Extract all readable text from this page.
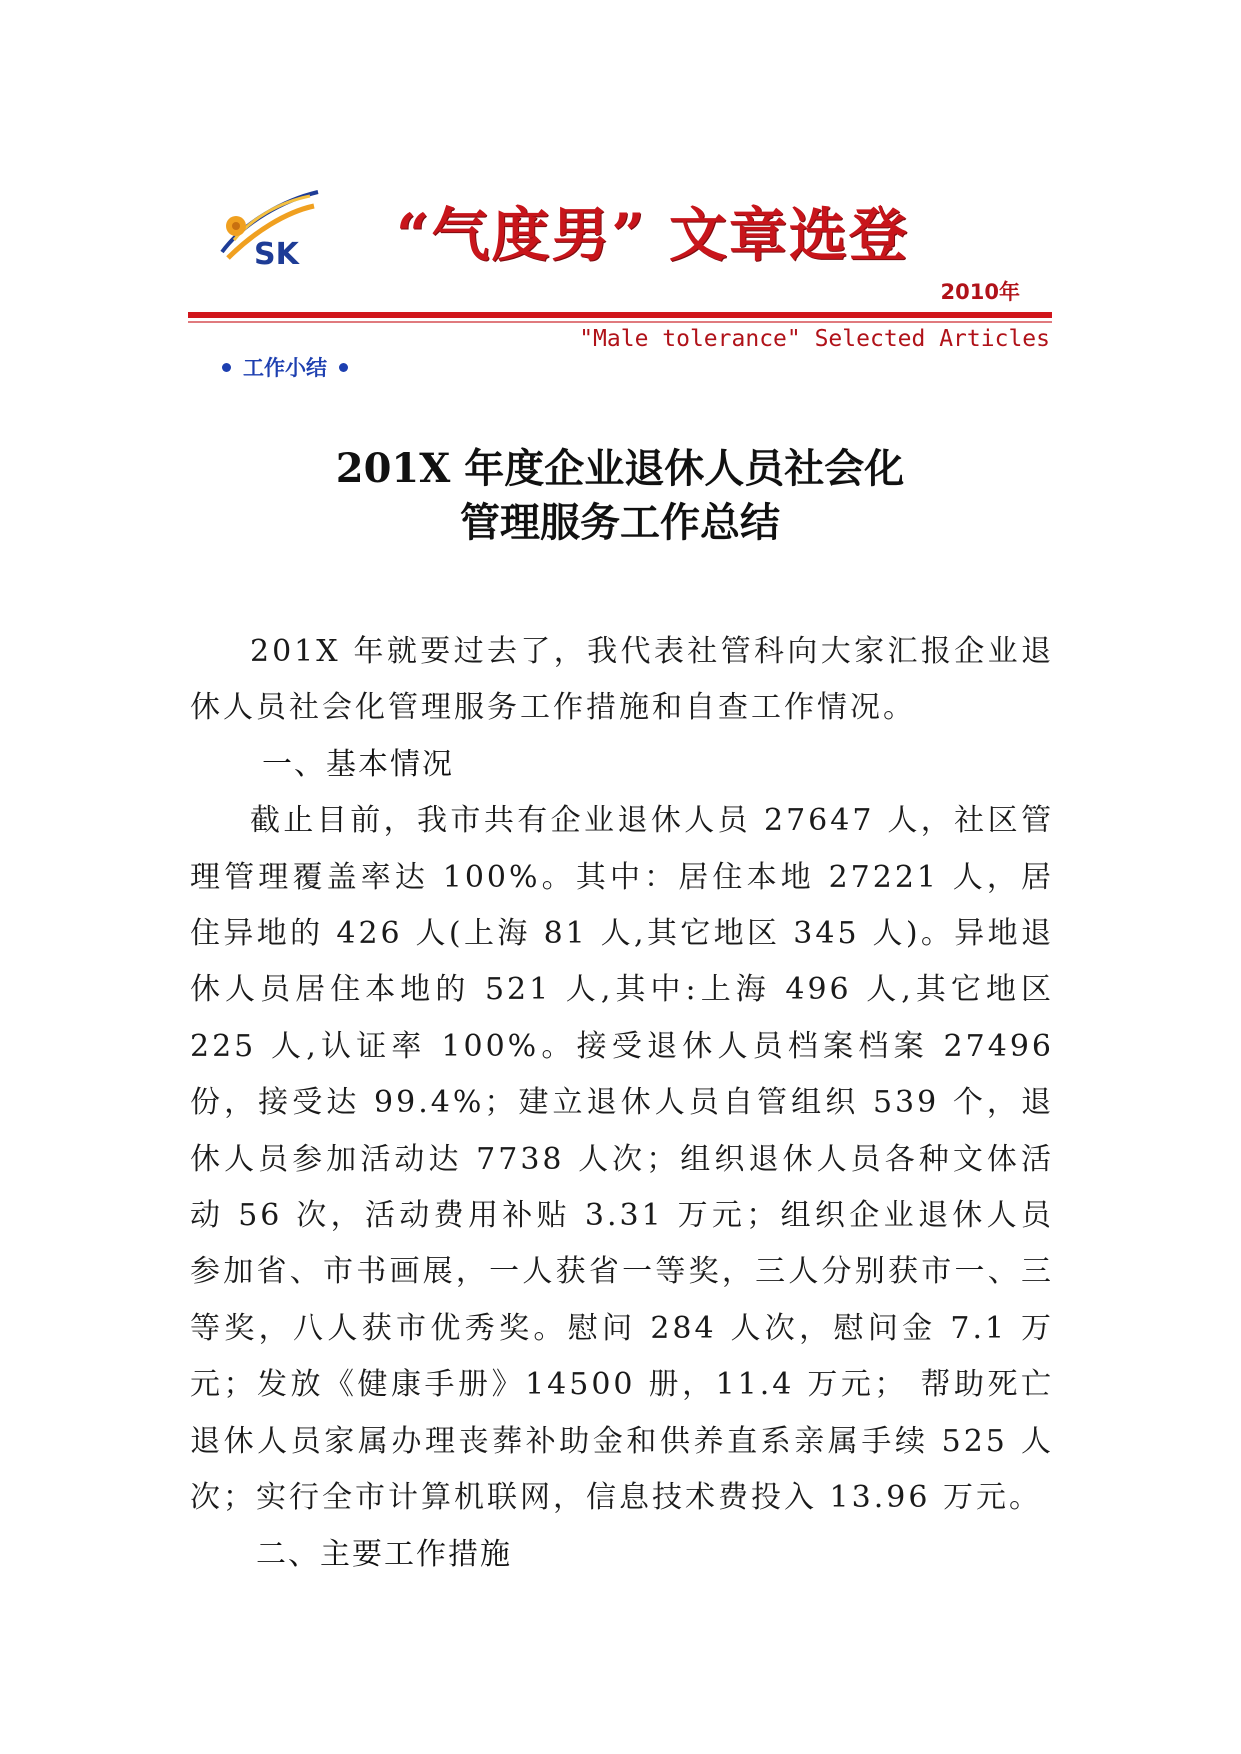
SK “气度男” 文章选登
2010年
"Male tolerance" Selected Articles
工作小结
201X 年度企业退休人员社会化
管理服务工作总结

201X 年就要过去了，我代表社管科向大家汇报企业退休人员社会化管理服务工作措施和自查工作情况。

一、基本情况

截止目前，我市共有企业退休人员 27647 人，社区管理管理覆盖率达 100%。其中：居住本地 27221 人，居住异地的 426 人(上海 81 人,其它地区 345 人)。异地退休人员居住本地的 521 人,其中:上海 496 人,其它地区 225 人,认证率 100%。接受退休人员档案档案 27496 份，接受达 99.4%；建立退休人员自管组织 539 个，退休人员参加活动达 7738 人次；组织退休人员各种文体活动 56 次，活动费用补贴 3.31 万元；组织企业退休人员参加省、市书画展，一人获省一等奖，三人分别获市一、三等奖，八人获市优秀奖。慰问 284 人次，慰问金 7.1 万元；发放《健康手册》14500 册，11.4 万元； 帮助死亡退休人员家属办理丧葬补助金和供养直系亲属手续 525 人次；实行全市计算机联网，信息技术费投入 13.96 万元。

二、主要工作措施
